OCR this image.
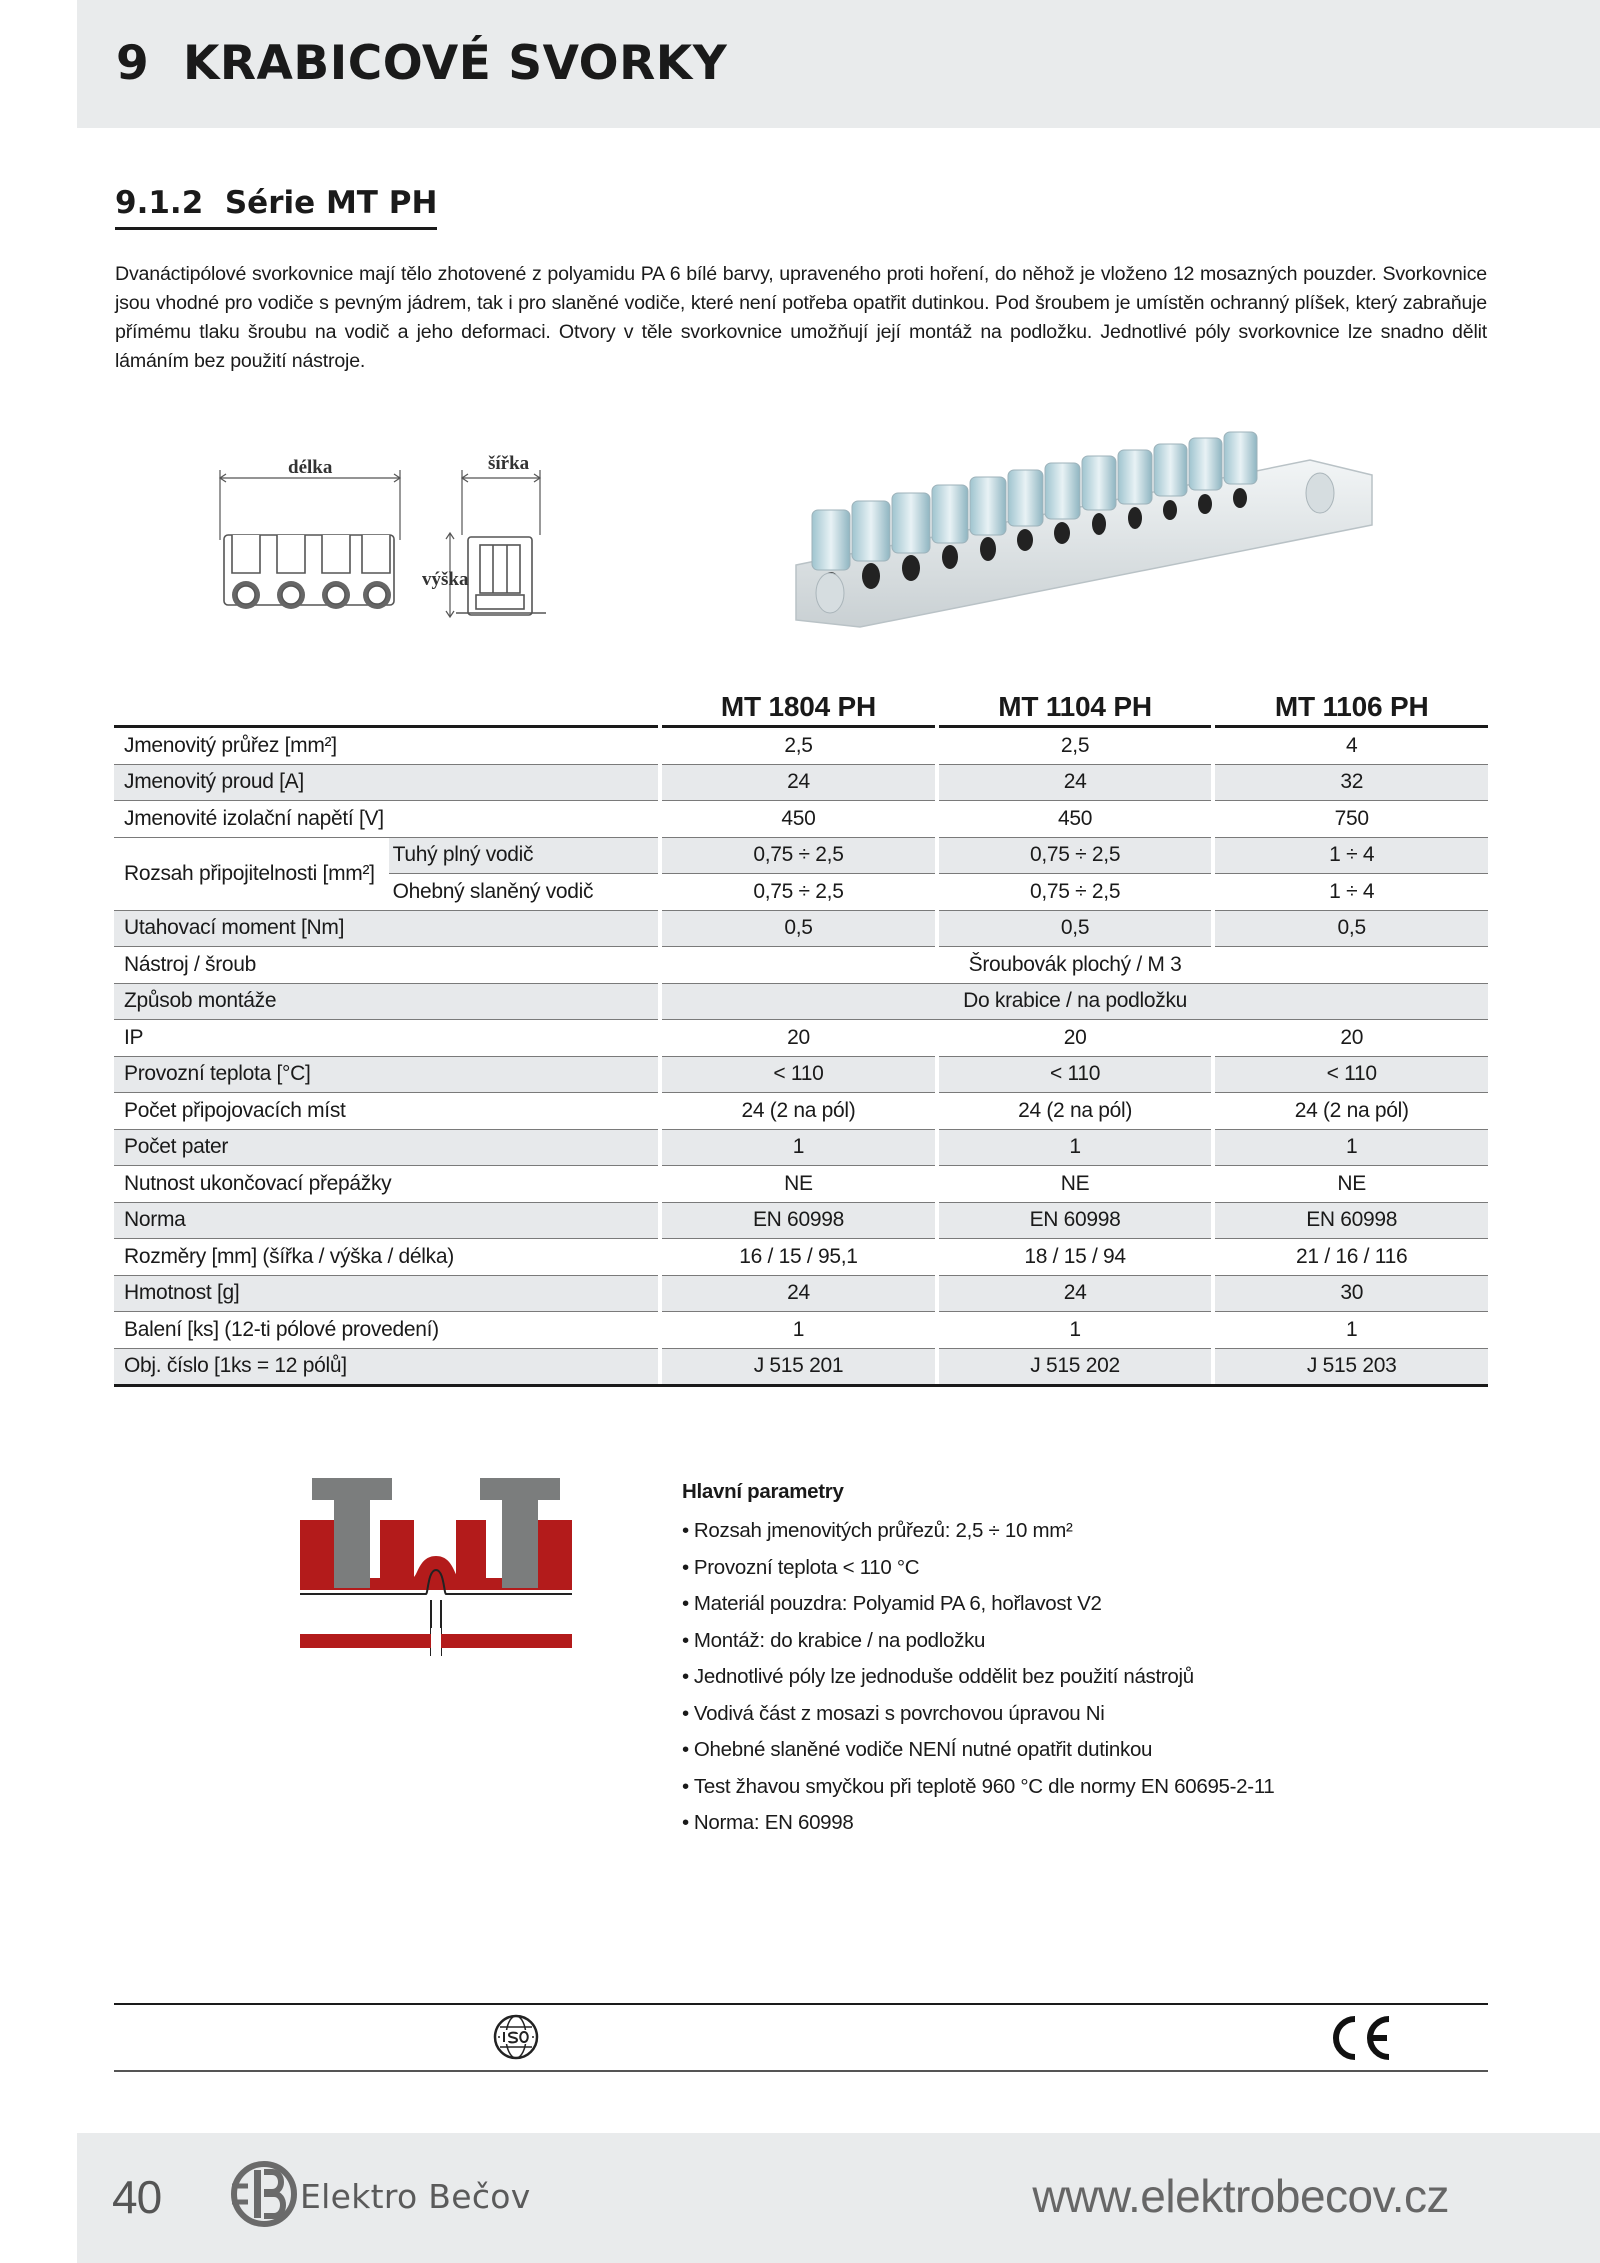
9 KRABICOVÉ SVORKY
9.1.2 Série MT PH

Dvanáctipólové svorkovnice mají tělo zhotovené z polyamidu PA 6 bílé barvy, upraveného proti hoření, do něhož je vloženo 12 mosazných pouzder. Svorkovnice jsou vhodné pro vodiče s pevným jádrem, tak i pro slaněné vodiče, které není potřeba opatřit dutinkou. Pod šroubem je umístěn ochranný plíšek, který zabraňuje přímému tlaku šroubu na vodič a jeho deformaci. Otvory v těle svorkovnice umožňují její montáž na podložku. Jednotlivé póly svorkovnice lze snadno dělit lámáním bez použití nástroje.

délka	šířka
výška
			MT 1804 PH		MT 1104 PH		MT 1106 PH
Jmenovitý průřez [mm²]			2,5		2,5		4
Jmenovitý proud [A]			24		24		32
Jmenovité izolační napětí [V]			450		450		750
Rozsah připojitelnosti [mm²]	Tuhý plný vodič		0,75 ÷ 2,5		0,75 ÷ 2,5		1 ÷ 4
	Ohebný slaněný vodič		0,75 ÷ 2,5		0,75 ÷ 2,5		1 ÷ 4
Utahovací moment [Nm]			0,5		0,5		0,5
Nástroj / šroub			Šroubovák plochý / M 3				
Způsob montáže			Do krabice / na podložku				
IP			20		20		20
Provozní teplota [°C]			< 110		< 110		< 110
Počet připojovacích míst			24 (2 na pól)		24 (2 na pól)		24 (2 na pól)
Počet pater			1		1		1
Nutnost ukončovací přepážky			NE		NE		NE
Norma			EN 60998		EN 60998		EN 60998
Rozměry [mm] (šířka / výška / délka)			16 / 15 / 95,1		18 / 15 / 94		21 / 16 / 116
Hmotnost [g]			24		24		30
Balení [ks] (12-ti pólové provedení)			1		1		1
Obj. číslo [1ks = 12 pólů]			J 515 201		J 515 202		J 515 203
Hlavní parametry
• Rozsah jmenovitých průřezů: 2,5 ÷ 10 mm²
• Provozní teplota < 110 °C
• Materiál pouzdra: Polyamid PA 6, hořlavost V2
• Montáž: do krabice / na podložku
• Jednotlivé póly lze jednoduše oddělit bez použití nástrojů
• Vodivá část z mosazi s povrchovou úpravou Ni
• Ohebné slaněné vodiče NENÍ nutné opatřit dutinkou
• Test žhavou smyčkou při teplotě 960 °C dle normy EN 60695-2-11
• Norma: EN 60998
40	Elektro Bečov	www.elektrobecov.cz
